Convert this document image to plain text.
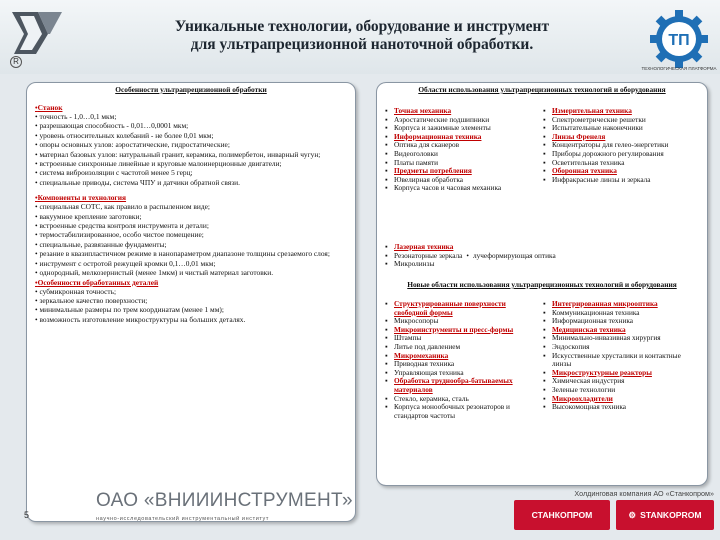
R
Уникальные технологии, оборудование и инструмент
для ультрапрецизионной наноточной обработки.	ТП
ТЕХНОЛОГИЧЕСКАЯ ПЛАТФОРМА
Особенности ультрапрецизионной обработки
•Станок
• точность - 1,0…0,1 мкм;
• разрешающая способность - 0,01…0,0001 мкм;
• уровень относительных колебаний - не более 0,01 мкм;
• опоры основных узлов: аэростатические, гидростатические;
• материал базовых узлов: натуральный гранит, керамика, полимербетон, инварный чугун;
• встроенные синхронные линейные и круговые малоинерционные двигатели;
• система виброизоляции с частотой менее 5 герц;
• специальные приводы, система ЧПУ и датчики обратной связи.
•Компоненты и технология
• специальная СОТС, как правило в распыленном виде;
• вакуумное крепление заготовки;
• встроенные средства контроля инструмента и детали;
• термостабилизированное, особо чистое помещение;
• специальные, развязанные фундаменты;
• резание в квазипластичном режиме в нанопараметром диапазоне толщины срезаемого слоя;
• инструмент с остротой режущей кромки 0,1…0,01 мкм;
• однородный, мелкозернистый (менее 1мкм) и чистый материал заготовки.
•Особенности обработанных деталей
• субмикронная точность;
• зеркальное качество поверхности;
• минимальные размеры по трем координатам (менее 1 мм);
• возможность изготовление микроструктуры на больших деталях.
Области использования ультрапрецизионных технологий и оборудования
▪ Точная механика
▪ Аэростатические подшипники
▪ Корпуса и зажимные элементы
▪ Информационная техника
▪ Оптика для сканеров
▪ Видеоголовки
▪ Платы памяти
▪ Предметы потребления
▪ Ювелирная обработка
▪ Корпуса часов и часовая механика
▪ Измерительная техника
▪ Спектрометрические решетки
▪ Испытательные наконечники
▪ Линзы Френеля
▪ Концентраторы для гелео-энергетики
▪ Приборы дорожного регулирования
▪ Осветительная техника
▪ Оборонная техника
▪ Инфракрасные линзы и зеркала
▪ Лазерная техника
▪ Резонаторные зеркала • лучеформирующая оптика
▪ Микролинзы
Новые области использования ультрапрецизионных технологий и оборудования
▪ Структурированные поверхности свободной формы
▪ Микросопоры
▪ Микроинструменты и пресс-формы
▪ Штампы
▪ Литье под давлением
▪ Микромеханика
▪ Приводная техника
▪ Управляющая техника
▪ Обработка труднообра-батываемых материалов
▪ Стекло, керамика, сталь
▪ Корпуса монообочных резонаторов и стандартов частоты
▪ Интегрированная микрооптика
▪ Коммуникационная техника
▪ Информационная техника
▪ Медицинская техника
▪ Минимально-инвазивная хирургия
▪ Эндоскопия
▪ Искусственные хрусталики и контактные линзы
▪ Микроструктурные реакторы
▪ Химическая индустрия
▪ Зеленые технологии
▪ Микроохладители
▪ Высокомощная техника
5
ОАО «ВНИИИНСТРУМЕНТ»
научно-исследовательский инструментальный институт
Холдинговая компания АО «Станкопром»
СТАНКОПРОМ	⚙ STANKOPROM
